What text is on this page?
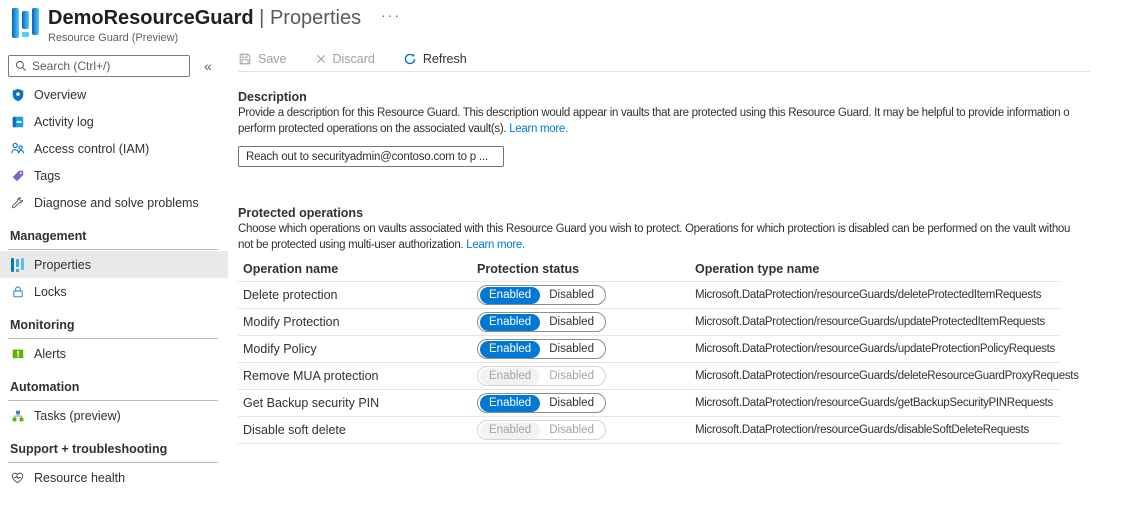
DemoResourceGuard | Properties ···
Resource Guard (Preview)
Search (Ctrl+/)
«
Overview
Activity log
Access control (IAM)
Tags
Diagnose and solve problems
Management
Properties
Locks
Monitoring
Alerts
Automation
Tasks (preview)
Support + troubleshooting
Resource health
Save	Discard	Refresh
Description
Provide a description for this Resource Guard. This description would appear in vaults that are protected using this Resource Guard. It may be helpful to provide information o
perform protected operations on the associated vault(s). Learn more.
Reach out to securityadmin@contoso.com to p ...
Protected operations
Choose which operations on vaults associated with this Resource Guard you wish to protect. Operations for which protection is disabled can be performed on the vault withou
not be protected using multi-user authorization. Learn more.
Operation name	Protection status	Operation type name
Delete protection	Enabled	Disabled	Microsoft.DataProtection/resourceGuards/deleteProtectedItemRequests
Modify Protection	Enabled	Disabled	Microsoft.DataProtection/resourceGuards/updateProtectedItemRequests
Modify Policy	Enabled	Disabled	Microsoft.DataProtection/resourceGuards/updateProtectionPolicyRequests
Remove MUA protection	Enabled	Disabled	Microsoft.DataProtection/resourceGuards/deleteResourceGuardProxyRequests
Get Backup security PIN	Enabled	Disabled	Microsoft.DataProtection/resourceGuards/getBackupSecurityPINRequests
Disable soft delete	Enabled	Disabled	Microsoft.DataProtection/resourceGuards/disableSoftDeleteRequests
